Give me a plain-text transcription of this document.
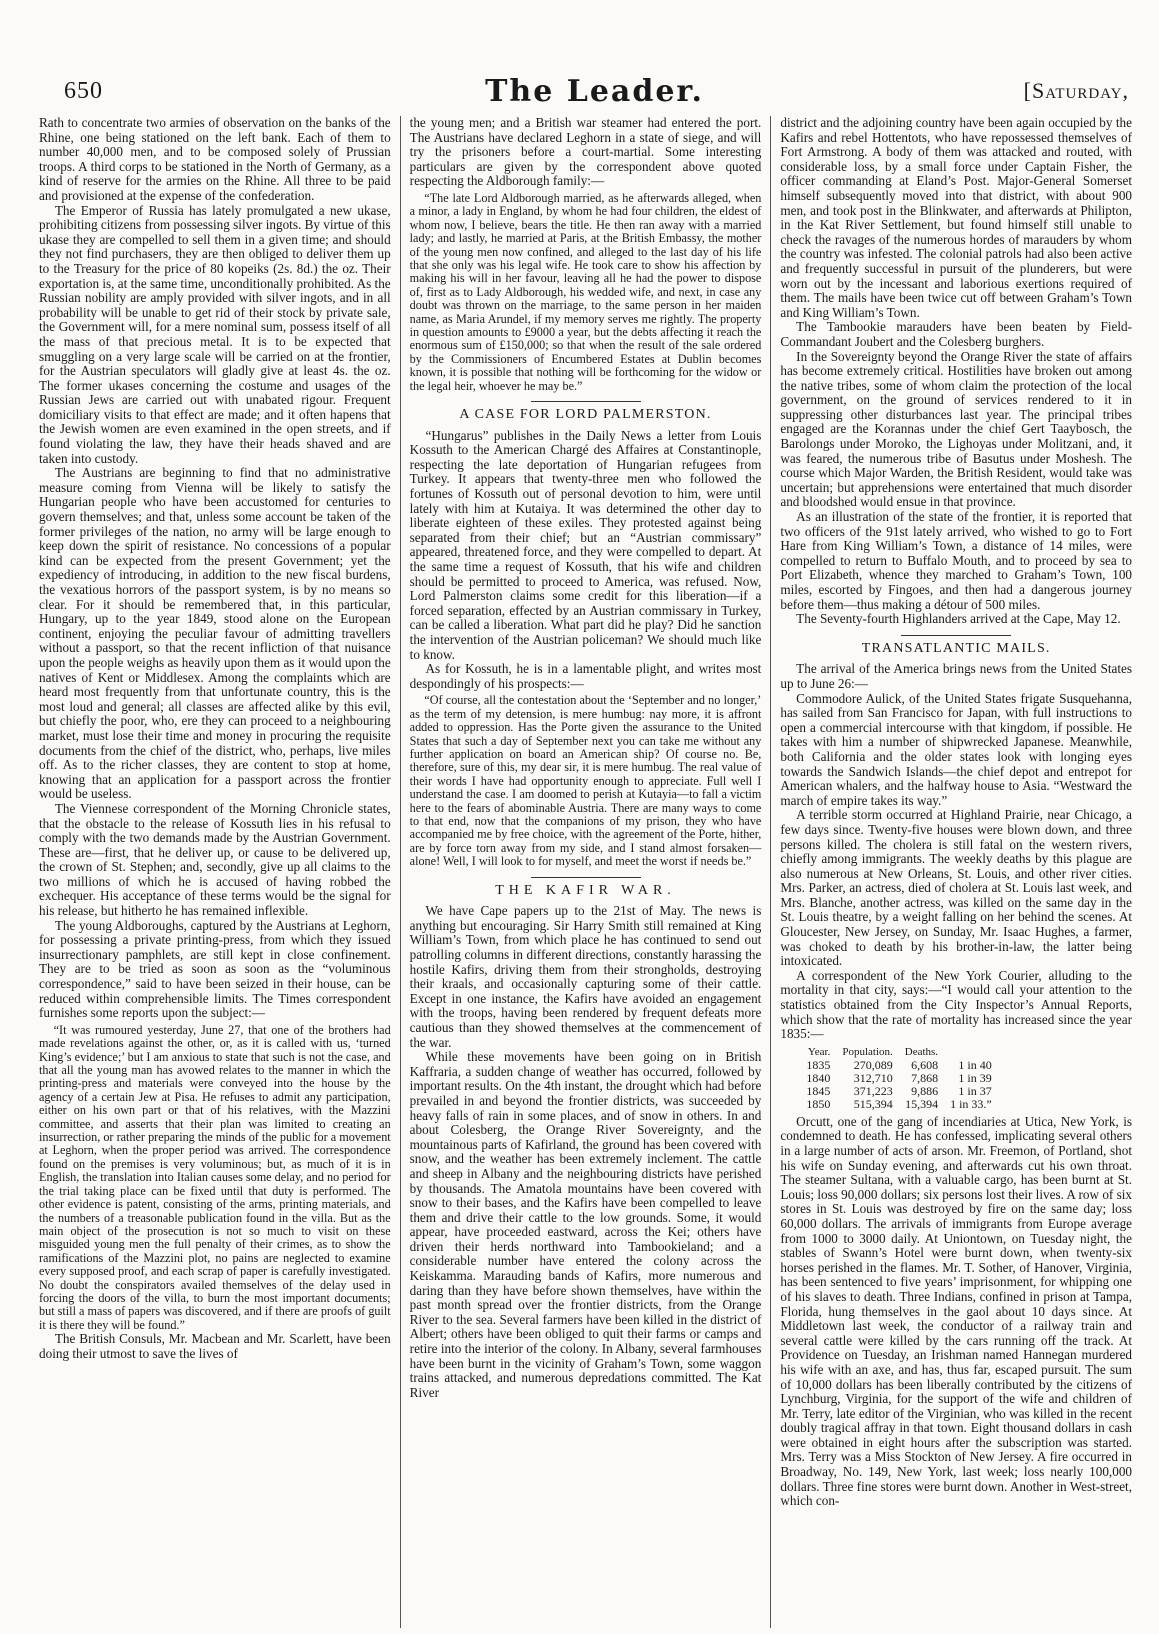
650	The Leader.	[Saturday,

Rath to concentrate two armies of observation on the banks of the Rhine, one being stationed on the left bank. Each of them to number 40,000 men, and to be composed solely of Prussian troops. A third corps to be stationed in the North of Germany, as a kind of reserve for the armies on the Rhine. All three to be paid and provisioned at the expense of the confederation.

The Emperor of Russia has lately promulgated a new ukase, prohibiting citizens from possessing silver ingots. By virtue of this ukase they are compelled to sell them in a given time; and should they not find purchasers, they are then obliged to deliver them up to the Treasury for the price of 80 kopeiks (2s. 8d.) the oz. Their exportation is, at the same time, unconditionally prohibited. As the Russian nobility are amply provided with silver ingots, and in all probability will be unable to get rid of their stock by private sale, the Government will, for a mere nominal sum, possess itself of all the mass of that precious metal. It is to be expected that smuggling on a very large scale will be carried on at the frontier, for the Austrian speculators will gladly give at least 4s. the oz. The former ukases concerning the costume and usages of the Russian Jews are carried out with unabated rigour. Frequent domiciliary visits to that effect are made; and it often hapens that the Jewish women are even examined in the open streets, and if found violating the law, they have their heads shaved and are taken into custody.

The Austrians are beginning to find that no administrative measure coming from Vienna will be likely to satisfy the Hungarian people who have been accustomed for centuries to govern themselves; and that, unless some account be taken of the former privileges of the nation, no army will be large enough to keep down the spirit of resistance. No concessions of a popular kind can be expected from the present Government; yet the expediency of introducing, in addition to the new fiscal burdens, the vexatious horrors of the passport system, is by no means so clear. For it should be remembered that, in this particular, Hungary, up to the year 1849, stood alone on the European continent, enjoying the peculiar favour of admitting travellers without a passport, so that the recent infliction of that nuisance upon the people weighs as heavily upon them as it would upon the natives of Kent or Middlesex. Among the complaints which are heard most frequently from that unfortunate country, this is the most loud and general; all classes are affected alike by this evil, but chiefly the poor, who, ere they can proceed to a neighbouring market, must lose their time and money in procuring the requisite documents from the chief of the district, who, perhaps, live miles off. As to the richer classes, they are content to stop at home, knowing that an application for a passport across the frontier would be useless.

The Viennese correspondent of the Morning Chronicle states, that the obstacle to the release of Kossuth lies in his refusal to comply with the two demands made by the Austrian Government. These are—first, that he deliver up, or cause to be delivered up, the crown of St. Stephen; and, secondly, give up all claims to the two millions of which he is accused of having robbed the exchequer. His acceptance of these terms would be the signal for his release, but hitherto he has remained inflexible.

The young Aldboroughs, captured by the Austrians at Leghorn, for possessing a private printing-press, from which they issued insurrectionary pamphlets, are still kept in close confinement. They are to be tried as soon as soon as the “voluminous correspondence,” said to have been seized in their house, can be reduced within comprehensible limits. The Times correspondent furnishes some reports upon the subject:—

“It was rumoured yesterday, June 27, that one of the brothers had made revelations against the other, or, as it is called with us, ‘turned King’s evidence;’ but I am anxious to state that such is not the case, and that all the young man has avowed relates to the manner in which the printing-press and materials were conveyed into the house by the agency of a certain Jew at Pisa. He refuses to admit any participation, either on his own part or that of his relatives, with the Mazzini committee, and asserts that their plan was limited to creating an insurrection, or rather preparing the minds of the public for a movement at Leghorn, when the proper period was arrived. The correspondence found on the premises is very voluminous; but, as much of it is in English, the translation into Italian causes some delay, and no period for the trial taking place can be fixed until that duty is performed. The other evidence is patent, consisting of the arms, printing materials, and the numbers of a treasonable publication found in the villa. But as the main object of the prosecution is not so much to visit on these misguided young men the full penalty of their crimes, as to show the ramifications of the Mazzini plot, no pains are neglected to examine every supposed proof, and each scrap of paper is carefully investigated. No doubt the conspirators availed themselves of the delay used in forcing the doors of the villa, to burn the most important documents; but still a mass of papers was discovered, and if there are proofs of guilt it is there they will be found.”

The British Consuls, Mr. Macbean and Mr. Scarlett, have been doing their utmost to save the lives of

the young men; and a British war steamer had entered the port. The Austrians have declared Leghorn in a state of siege, and will try the prisoners before a court-martial. Some interesting particulars are given by the correspondent above quoted respecting the Aldborough family:—

“The late Lord Aldborough married, as he afterwards alleged, when a minor, a lady in England, by whom he had four children, the eldest of whom now, I believe, bears the title. He then ran away with a married lady; and lastly, he married at Paris, at the British Embassy, the mother of the young men now confined, and alleged to the last day of his life that she only was his legal wife. He took care to show his affection by making his will in her favour, leaving all he had the power to dispose of, first as to Lady Aldborough, his wedded wife, and next, in case any doubt was thrown on the marriage, to the same person in her maiden name, as Maria Arundel, if my memory serves me rightly. The property in question amounts to £9000 a year, but the debts affecting it reach the enormous sum of £150,000; so that when the result of the sale ordered by the Commissioners of Encumbered Estates at Dublin becomes known, it is possible that nothing will be forthcoming for the widow or the legal heir, whoever he may be.”

A CASE FOR LORD PALMERSTON.

“Hungarus” publishes in the Daily News a letter from Louis Kossuth to the American Chargé des Affaires at Constantinople, respecting the late deportation of Hungarian refugees from Turkey. It appears that twenty-three men who followed the fortunes of Kossuth out of personal devotion to him, were until lately with him at Kutaiya. It was determined the other day to liberate eighteen of these exiles. They protested against being separated from their chief; but an “Austrian commissary” appeared, threatened force, and they were compelled to depart. At the same time a request of Kossuth, that his wife and children should be permitted to proceed to America, was refused. Now, Lord Palmerston claims some credit for this liberation—if a forced separation, effected by an Austrian commissary in Turkey, can be called a liberation. What part did he play? Did he sanction the intervention of the Austrian policeman? We should much like to know.

As for Kossuth, he is in a lamentable plight, and writes most despondingly of his prospects:—

“Of course, all the contestation about the ‘September and no longer,’ as the term of my detension, is mere humbug: nay more, it is affront added to oppression. Has the Porte given the assurance to the United States that such a day of September next you can take me without any further application on board an American ship? Of course no. Be, therefore, sure of this, my dear sir, it is mere humbug. The real value of their words I have had opportunity enough to appreciate. Full well I understand the case. I am doomed to perish at Kutayia—to fall a victim here to the fears of abominable Austria. There are many ways to come to that end, now that the companions of my prison, they who have accompanied me by free choice, with the agreement of the Porte, hither, are by force torn away from my side, and I stand almost forsaken—alone! Well, I will look to for myself, and meet the worst if needs be.”

THE KAFIR WAR.

We have Cape papers up to the 21st of May. The news is anything but encouraging. Sir Harry Smith still remained at King William’s Town, from which place he has continued to send out patrolling columns in different directions, constantly harassing the hostile Kafirs, driving them from their strongholds, destroying their kraals, and occasionally capturing some of their cattle. Except in one instance, the Kafirs have avoided an engagement with the troops, having been rendered by frequent defeats more cautious than they showed themselves at the commencement of the war.

While these movements have been going on in British Kaffraria, a sudden change of weather has occurred, followed by important results. On the 4th instant, the drought which had before prevailed in and beyond the frontier districts, was succeeded by heavy falls of rain in some places, and of snow in others. In and about Colesberg, the Orange River Sovereignty, and the mountainous parts of Kafirland, the ground has been covered with snow, and the weather has been extremely inclement. The cattle and sheep in Albany and the neighbouring districts have perished by thousands. The Amatola mountains have been covered with snow to their bases, and the Kafirs have been compelled to leave them and drive their cattle to the low grounds. Some, it would appear, have proceeded eastward, across the Kei; others have driven their herds northward into Tambookieland; and a considerable number have entered the colony across the Keiskamma. Marauding bands of Kafirs, more numerous and daring than they have before shown themselves, have within the past month spread over the frontier districts, from the Orange River to the sea. Several farmers have been killed in the district of Albert; others have been obliged to quit their farms or camps and retire into the interior of the colony. In Albany, several farmhouses have been burnt in the vicinity of Graham’s Town, some waggon trains attacked, and numerous depredations committed. The Kat River

district and the adjoining country have been again occupied by the Kafirs and rebel Hottentots, who have repossessed themselves of Fort Armstrong. A body of them was attacked and routed, with considerable loss, by a small force under Captain Fisher, the officer commanding at Eland’s Post. Major-General Somerset himself subsequently moved into that district, with about 900 men, and took post in the Blinkwater, and afterwards at Philipton, in the Kat River Settlement, but found himself still unable to check the ravages of the numerous hordes of marauders by whom the country was infested. The colonial patrols had also been active and frequently successful in pursuit of the plunderers, but were worn out by the incessant and laborious exertions required of them. The mails have been twice cut off between Graham’s Town and King William’s Town.

The Tambookie marauders have been beaten by Field-Commandant Joubert and the Colesberg burghers.

In the Sovereignty beyond the Orange River the state of affairs has become extremely critical. Hostilities have broken out among the native tribes, some of whom claim the protection of the local government, on the ground of services rendered to it in suppressing other disturbances last year. The principal tribes engaged are the Korannas under the chief Gert Taaybosch, the Barolongs under Moroko, the Lighoyas under Molitzani, and, it was feared, the numerous tribe of Basutus under Moshesh. The course which Major Warden, the British Resident, would take was uncertain; but apprehensions were entertained that much disorder and bloodshed would ensue in that province.

As an illustration of the state of the frontier, it is reported that two officers of the 91st lately arrived, who wished to go to Fort Hare from King William’s Town, a distance of 14 miles, were compelled to return to Buffalo Mouth, and to proceed by sea to Port Elizabeth, whence they marched to Graham’s Town, 100 miles, escorted by Fingoes, and then had a dangerous journey before them—thus making a détour of 500 miles.

The Seventy-fourth Highlanders arrived at the Cape, May 12.

TRANSATLANTIC MAILS.

The arrival of the America brings news from the United States up to June 26:—

Commodore Aulick, of the United States frigate Susquehanna, has sailed from San Francisco for Japan, with full instructions to open a commercial intercourse with that kingdom, if possible. He takes with him a number of shipwrecked Japanese. Meanwhile, both California and the older states look with longing eyes towards the Sandwich Islands—the chief depot and entrepot for American whalers, and the halfway house to Asia. “Westward the march of empire takes its way.”

A terrible storm occurred at Highland Prairie, near Chicago, a few days since. Twenty-five houses were blown down, and three persons killed. The cholera is still fatal on the western rivers, chiefly among immigrants. The weekly deaths by this plague are also numerous at New Orleans, St. Louis, and other river cities. Mrs. Parker, an actress, died of cholera at St. Louis last week, and Mrs. Blanche, another actress, was killed on the same day in the St. Louis theatre, by a weight falling on her behind the scenes. At Gloucester, New Jersey, on Sunday, Mr. Isaac Hughes, a farmer, was choked to death by his brother-in-law, the latter being intoxicated.

A correspondent of the New York Courier, alluding to the mortality in that city, says:—“I would call your attention to the statistics obtained from the City Inspector’s Annual Reports, which show that the rate of mortality has increased since the year 1835:—

Year.	Population.	Deaths.	
1835	270,089	6,608	1 in 40
1840	312,710	7,868	1 in 39
1845	371,223	9,886	1 in 37
1850	515,394	15,394	1 in 33.”

Orcutt, one of the gang of incendiaries at Utica, New York, is condemned to death. He has confessed, implicating several others in a large number of acts of arson. Mr. Freemon, of Portland, shot his wife on Sunday evening, and afterwards cut his own throat. The steamer Sultana, with a valuable cargo, has been burnt at St. Louis; loss 90,000 dollars; six persons lost their lives. A row of six stores in St. Louis was destroyed by fire on the same day; loss 60,000 dollars. The arrivals of immigrants from Europe average from 1000 to 3000 daily. At Uniontown, on Tuesday night, the stables of Swann’s Hotel were burnt down, when twenty-six horses perished in the flames. Mr. T. Sother, of Hanover, Virginia, has been sentenced to five years’ imprisonment, for whipping one of his slaves to death. Three Indians, confined in prison at Tampa, Florida, hung themselves in the gaol about 10 days since. At Middletown last week, the conductor of a railway train and several cattle were killed by the cars running off the track. At Providence on Tuesday, an Irishman named Hannegan murdered his wife with an axe, and has, thus far, escaped pursuit. The sum of 10,000 dollars has been liberally contributed by the citizens of Lynchburg, Virginia, for the support of the wife and children of Mr. Terry, late editor of the Virginian, who was killed in the recent doubly tragical affray in that town. Eight thousand dollars in cash were obtained in eight hours after the subscription was started. Mrs. Terry was a Miss Stockton of New Jersey. A fire occurred in Broadway, No. 149, New York, last week; loss nearly 100,000 dollars. Three fine stores were burnt down. Another in West-street, which con-
